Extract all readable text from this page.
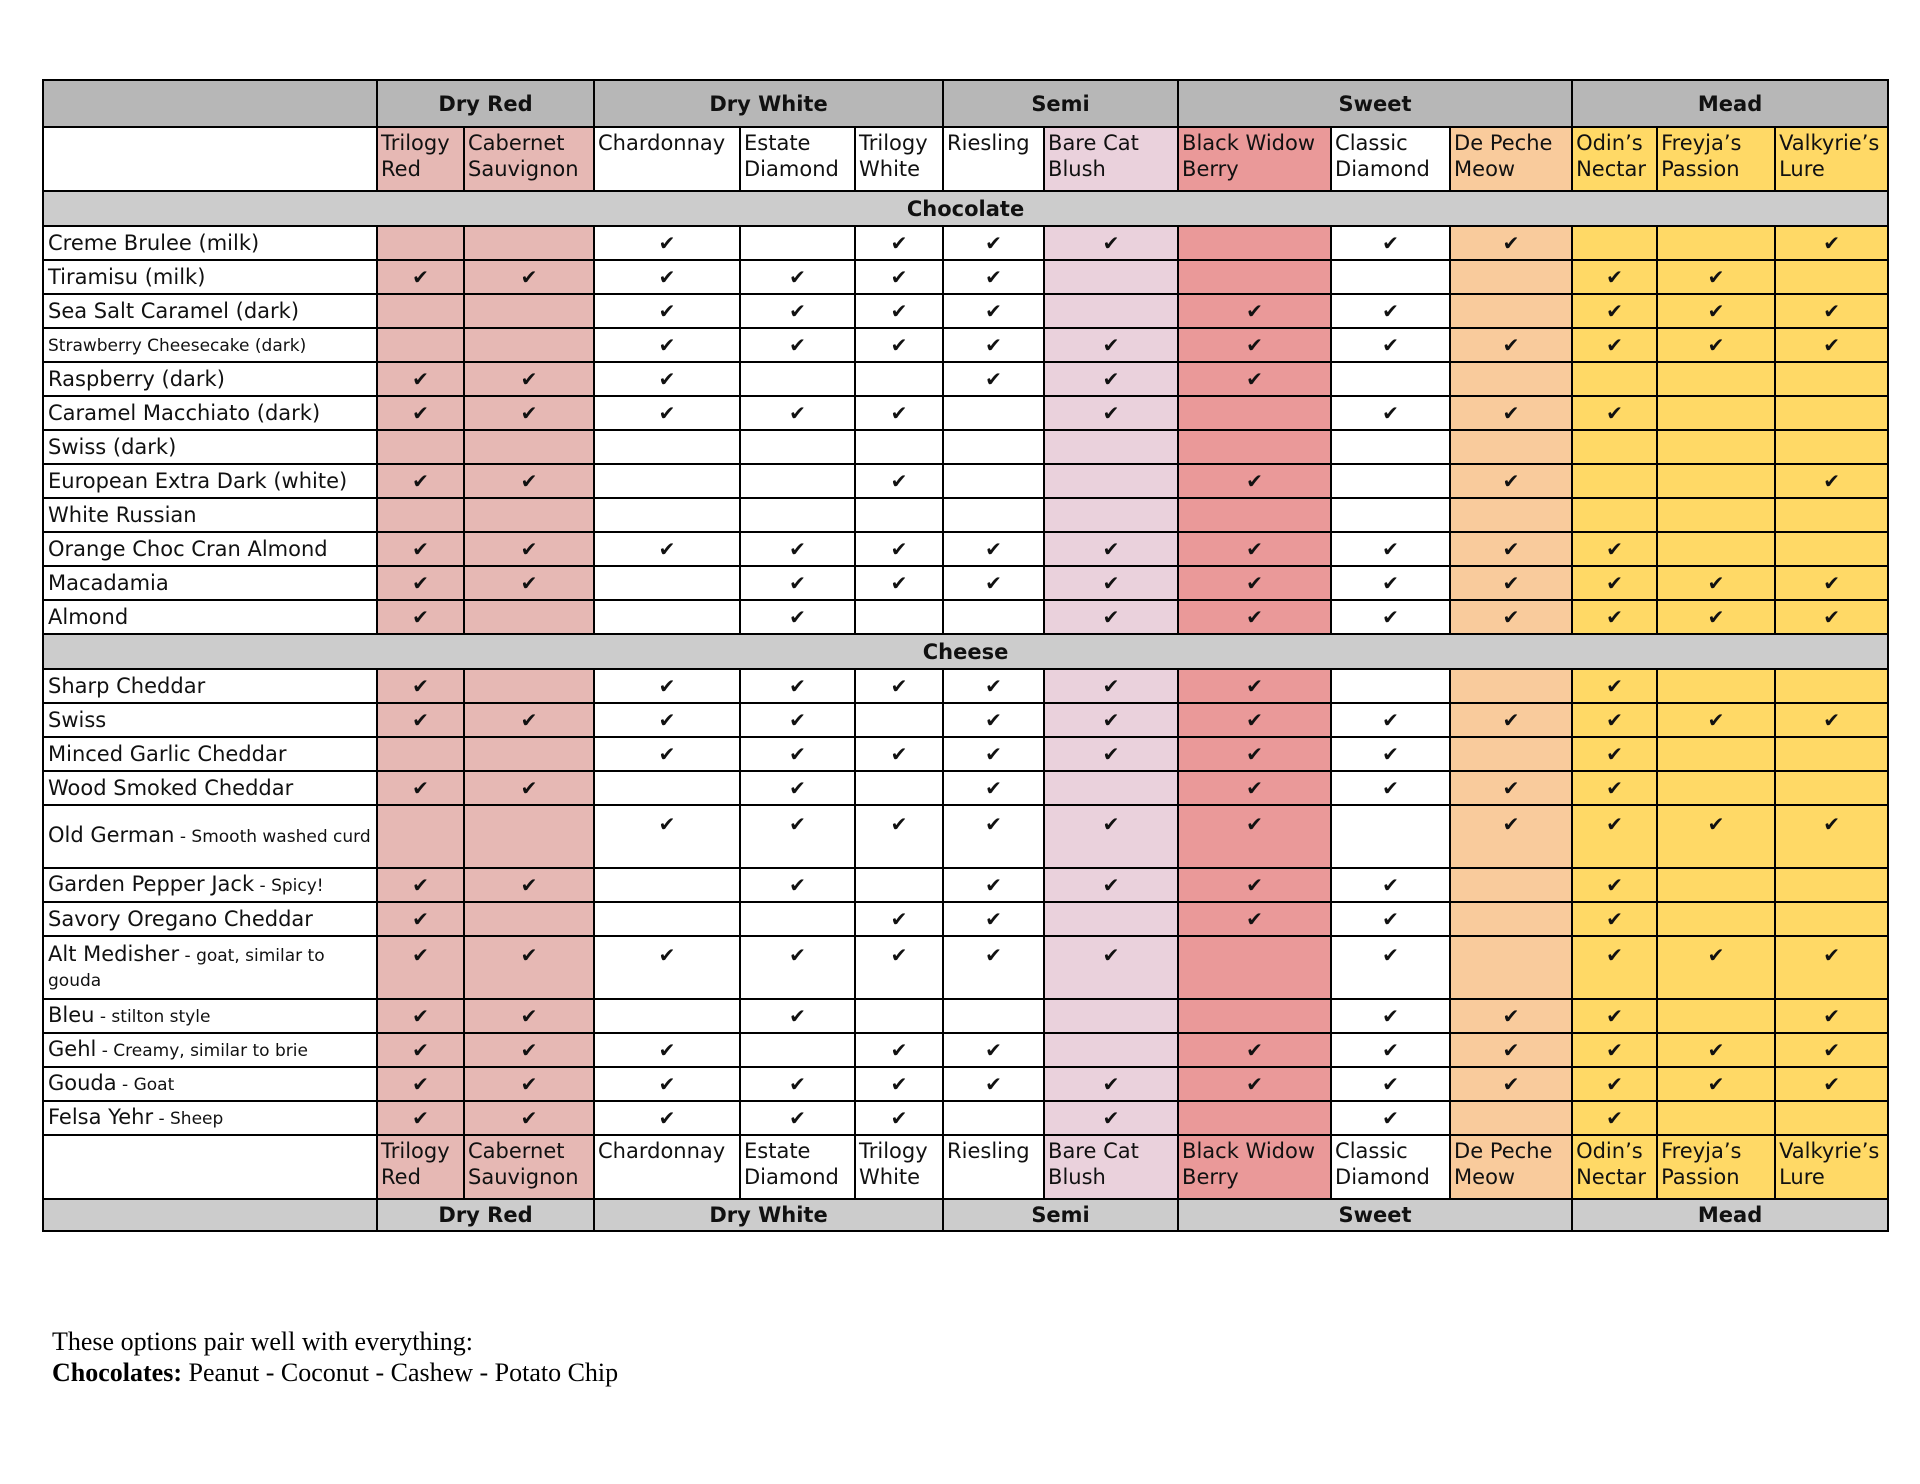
	Dry Red		Dry White			Semi		Sweet			Mead		
	Trilogy Red	Cabernet Sauvignon	Chardonnay	Estate Diamond	Trilogy White	Riesling	Bare Cat Blush	Black Widow Berry	Classic Diamond	De Peche Meow	Odin’s Nectar	Freyja’s Passion	Valkyrie’s Lure
Chocolate													
Creme Brulee (milk)			✔		✔	✔	✔		✔	✔			✔
Tiramisu (milk)	✔	✔	✔	✔	✔	✔					✔	✔	
Sea Salt Caramel (dark)			✔	✔	✔	✔		✔	✔		✔	✔	✔
Strawberry Cheesecake (dark)			✔	✔	✔	✔	✔	✔	✔	✔	✔	✔	✔
Raspberry (dark)	✔	✔	✔			✔	✔	✔					
Caramel Macchiato (dark)	✔	✔	✔	✔	✔		✔		✔	✔	✔		
Swiss (dark)													
European Extra Dark (white)	✔	✔			✔			✔		✔			✔
White Russian													
Orange Choc Cran Almond	✔	✔	✔	✔	✔	✔	✔	✔	✔	✔	✔		
Macadamia	✔	✔		✔	✔	✔	✔	✔	✔	✔	✔	✔	✔
Almond	✔			✔			✔	✔	✔	✔	✔	✔	✔
Cheese													
Sharp Cheddar	✔		✔	✔	✔	✔	✔	✔			✔		
Swiss	✔	✔	✔	✔		✔	✔	✔	✔	✔	✔	✔	✔
Minced Garlic Cheddar			✔	✔	✔	✔	✔	✔	✔		✔		
Wood Smoked Cheddar	✔	✔		✔		✔		✔	✔	✔	✔		
Old German - Smooth washed curd			✔	✔	✔	✔	✔	✔		✔	✔	✔	✔
Garden Pepper Jack - Spicy!	✔	✔		✔		✔	✔	✔	✔		✔		
Savory Oregano Cheddar	✔				✔	✔		✔	✔		✔		
Alt Medisher - goat, similar to gouda	✔	✔	✔	✔	✔	✔	✔		✔		✔	✔	✔
Bleu - stilton style	✔	✔		✔					✔	✔	✔		✔
Gehl - Creamy, similar to brie	✔	✔	✔		✔	✔		✔	✔	✔	✔	✔	✔
Gouda - Goat	✔	✔	✔	✔	✔	✔	✔	✔	✔	✔	✔	✔	✔
Felsa Yehr - Sheep	✔	✔	✔	✔	✔		✔		✔		✔		
	Trilogy Red	Cabernet Sauvignon	Chardonnay	Estate Diamond	Trilogy White	Riesling	Bare Cat Blush	Black Widow Berry	Classic Diamond	De Peche Meow	Odin’s Nectar	Freyja’s Passion	Valkyrie’s Lure
	Dry Red		Dry White			Semi		Sweet			Mead		
These options pair well with everything:
Chocolates: Peanut - Coconut - Cashew - Potato Chip
